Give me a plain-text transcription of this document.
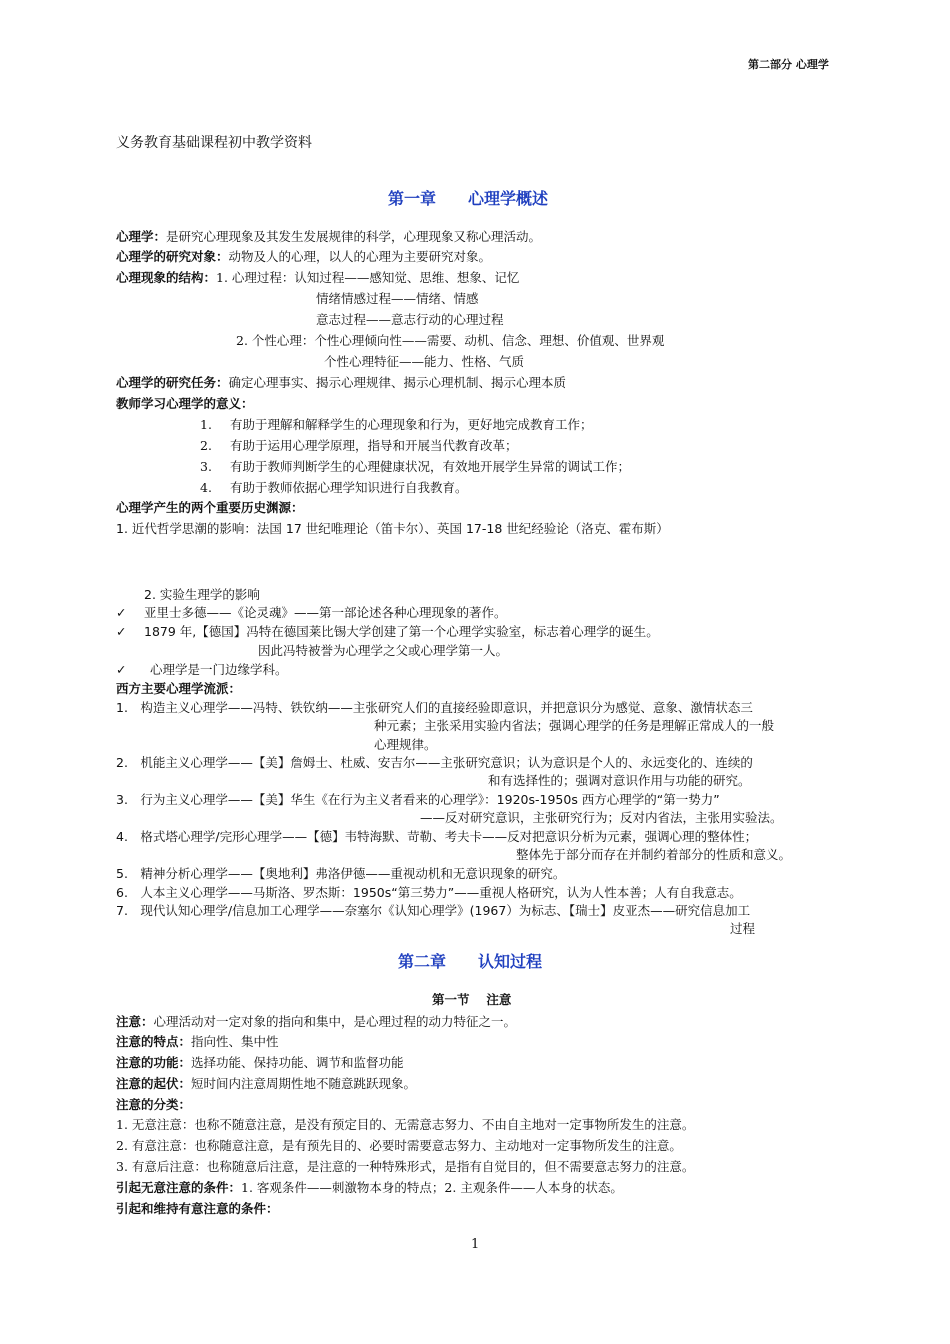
第二部分 心理学
义务教育基础课程初中教学资料
第一章　　心理学概述
心理学：是研究心理现象及其发生发展规律的科学，心理现象又称心理活动。
心理学的研究对象：动物及人的心理，以人的心理为主要研究对象。
心理现象的结构：1. 心理过程：认知过程——感知觉、思维、想象、记忆
情绪情感过程——情绪、情感
意志过程——意志行动的心理过程
2. 个性心理：个性心理倾向性——需要、动机、信念、理想、价值观、世界观
个性心理特征——能力、性格、气质
心理学的研究任务：确定心理事实、揭示心理规律、揭示心理机制、揭示心理本质
教师学习心理学的意义：
1. 有助于理解和解释学生的心理现象和行为，更好地完成教育工作；
2. 有助于运用心理学原理，指导和开展当代教育改革；
3. 有助于教师判断学生的心理健康状况，有效地开展学生异常的调试工作；
4. 有助于教师依据心理学知识进行自我教育。
心理学产生的两个重要历史渊源：
1. 近代哲学思潮的影响：法国 17 世纪唯理论（笛卡尔）、英国 17-18 世纪经验论（洛克、霍布斯）
2. 实验生理学的影响
✓ 亚里士多德——《论灵魂》——第一部论述各种心理现象的著作。
✓ 1879 年,【德国】冯特在德国莱比锡大学创建了第一个心理学实验室，标志着心理学的诞生。
因此冯特被誉为心理学之父或心理学第一人。
✓ 心理学是一门边缘学科。
西方主要心理学流派：
1.　构造主义心理学——冯特、铁钦纳——主张研究人们的直接经验即意识，并把意识分为感觉、意象、激情状态三
种元素；主张采用实验内省法；强调心理学的任务是理解正常成人的一般
心理规律。
2.　机能主义心理学——【美】詹姆士、杜威、安吉尔——主张研究意识；认为意识是个人的、永远变化的、连续的
和有选择性的；强调对意识作用与功能的研究。
3.　行为主义心理学——【美】华生《在行为主义者看来的心理学》：1920s-1950s 西方心理学的“第一势力”
——反对研究意识，主张研究行为；反对内省法，主张用实验法。
4.　格式塔心理学/完形心理学——【德】韦特海默、苛勒、考夫卡——反对把意识分析为元素，强调心理的整体性；
整体先于部分而存在并制约着部分的性质和意义。
5.　精神分析心理学——【奥地利】弗洛伊德——重视动机和无意识现象的研究。
6.　人本主义心理学——马斯洛、罗杰斯：1950s“第三势力”——重视人格研究，认为人性本善；人有自我意志。
7.　现代认知心理学/信息加工心理学——奈塞尔《认知心理学》(1967）为标志、【瑞士】皮亚杰——研究信息加工
过程
第二章　　认知过程
第一节　 注意
注意：心理活动对一定对象的指向和集中，是心理过程的动力特征之一。
注意的特点：指向性、集中性
注意的功能：选择功能、保持功能、调节和监督功能
注意的起伏：短时间内注意周期性地不随意跳跃现象。
注意的分类：
1. 无意注意：也称不随意注意，是没有预定目的、无需意志努力、不由自主地对一定事物所发生的注意。
2. 有意注意：也称随意注意，是有预先目的、必要时需要意志努力、主动地对一定事物所发生的注意。
3. 有意后注意：也称随意后注意，是注意的一种特殊形式，是指有自觉目的，但不需要意志努力的注意。
引起无意注意的条件：1. 客观条件——刺激物本身的特点；2. 主观条件——人本身的状态。
引起和维持有意注意的条件：
1
